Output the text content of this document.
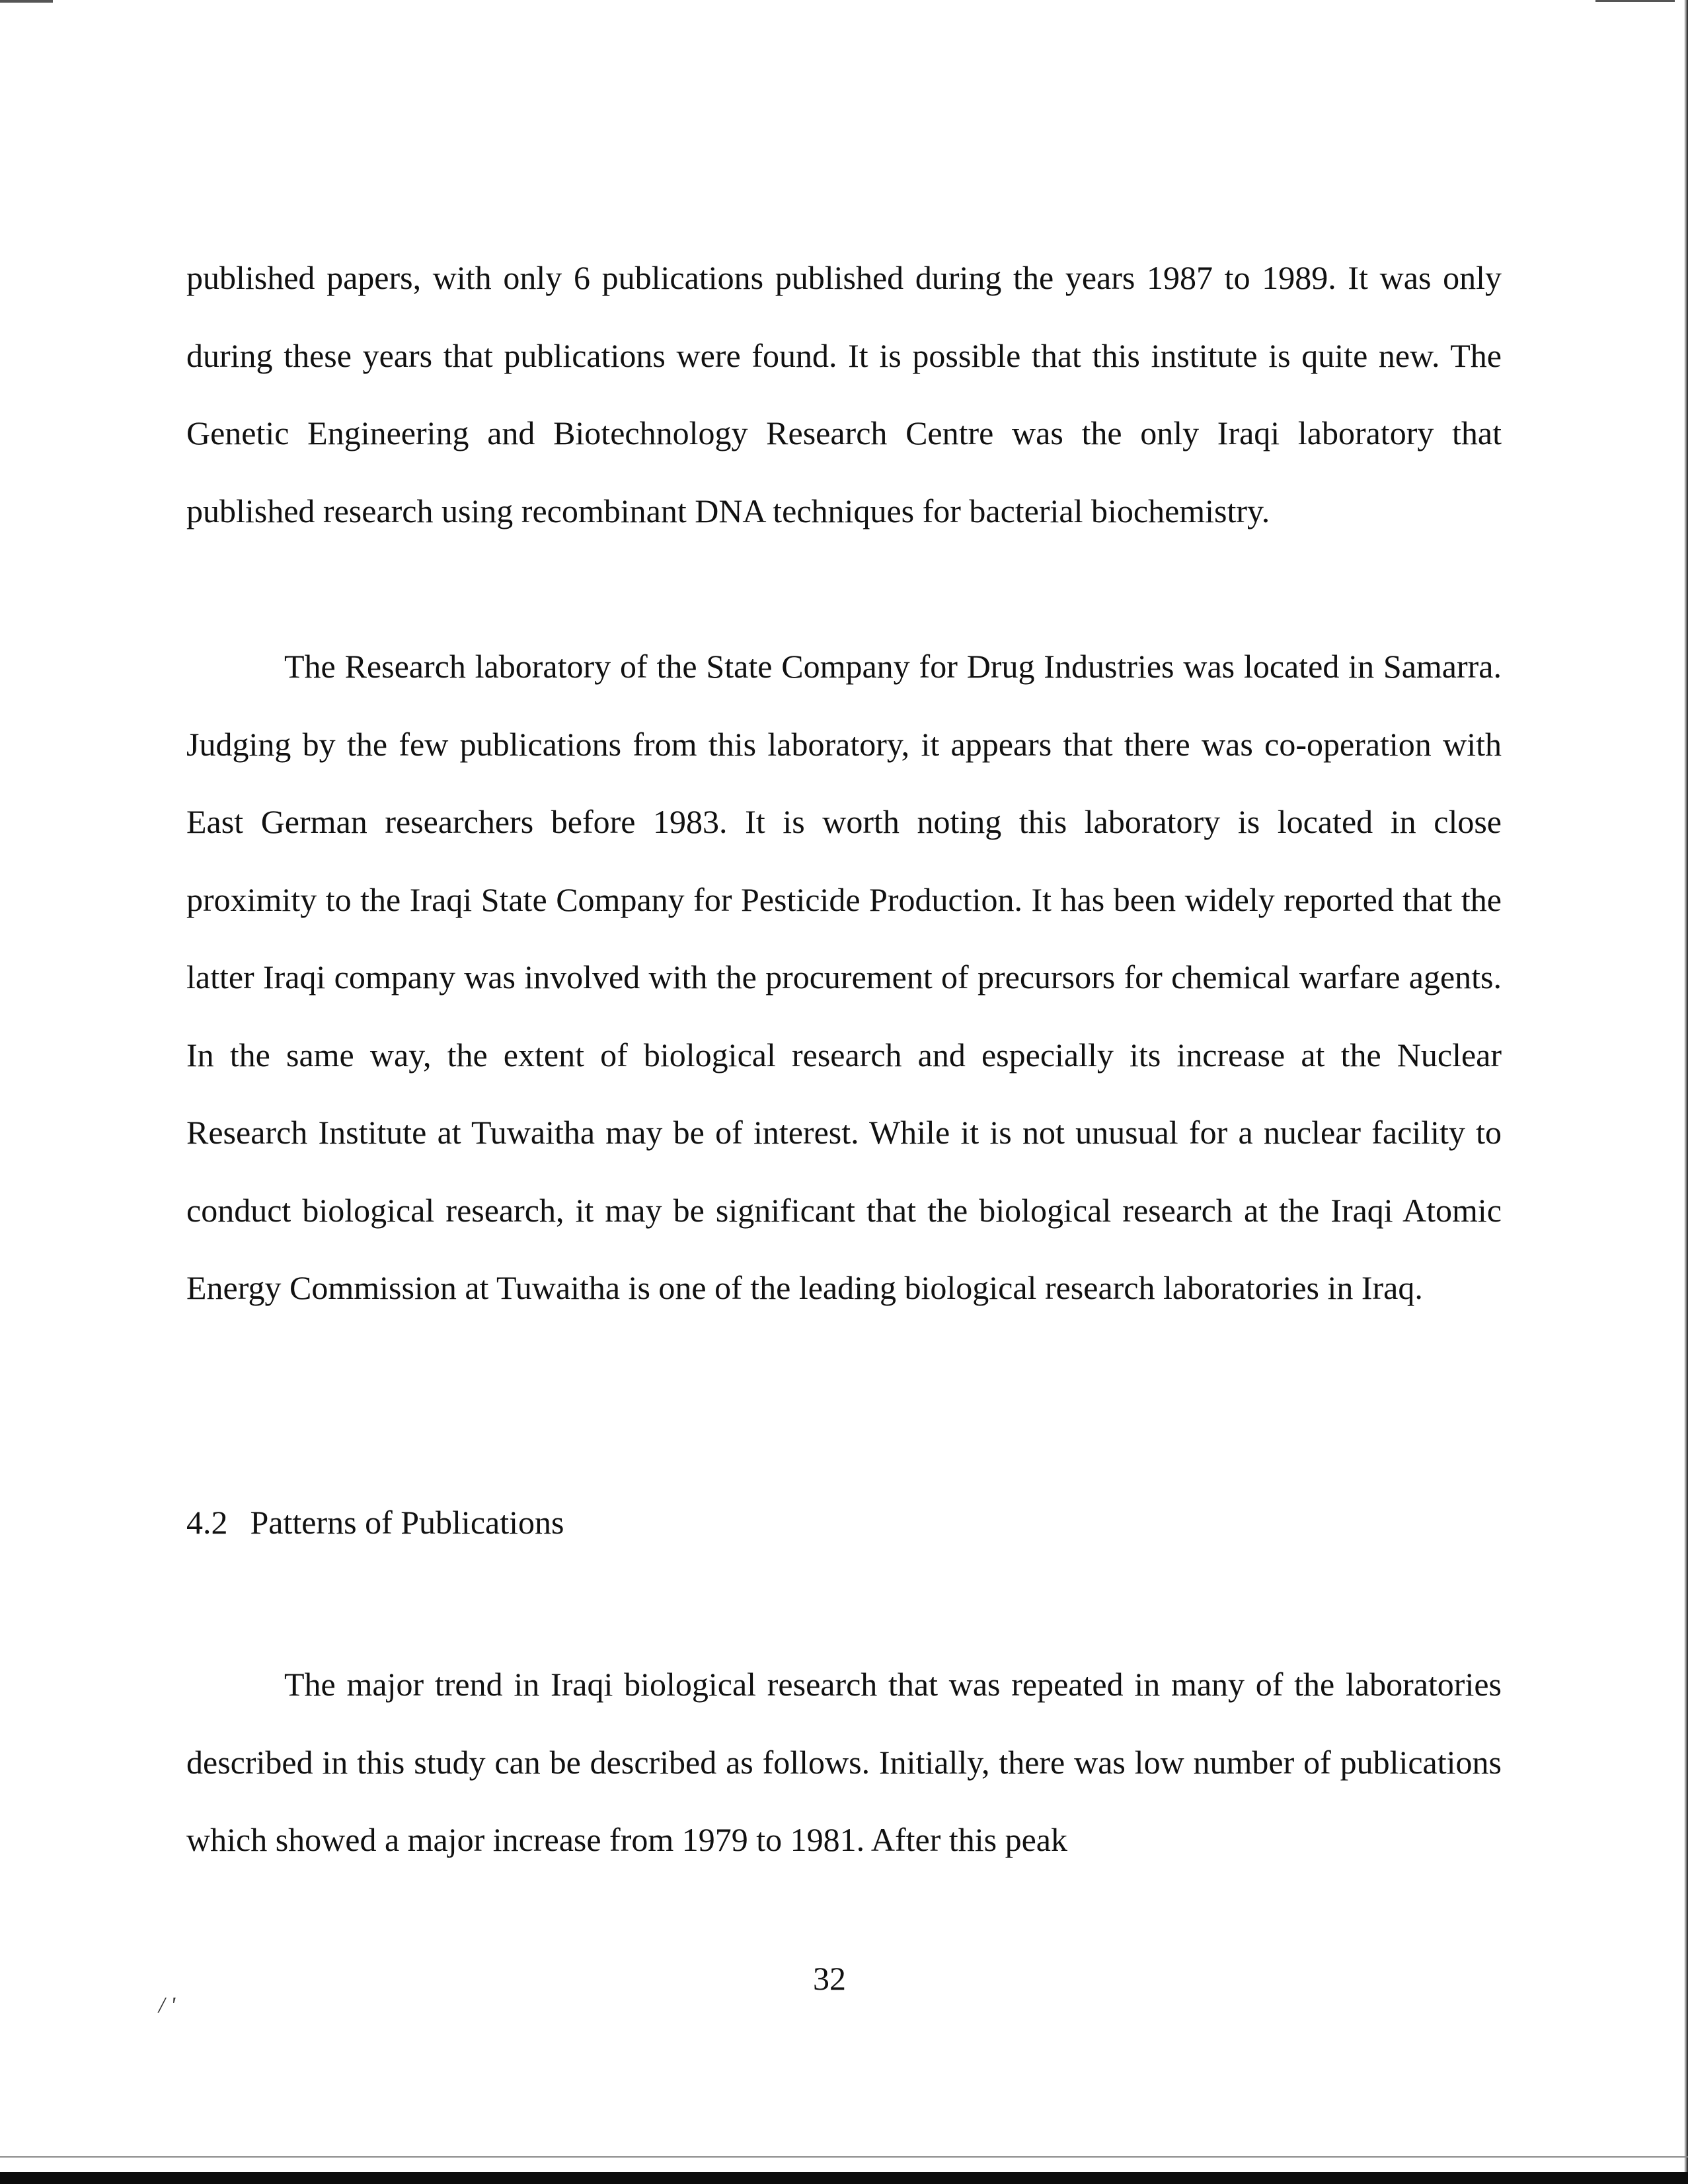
published papers, with only 6 publications published during the years 1987 to 1989. It was only during these years that publications were found. It is possible that this institute is quite new. The Genetic Engineering and Biotechnology Research Centre was the only Iraqi laboratory that published research using recombinant DNA techniques for bacterial biochemistry.

The Research laboratory of the State Company for Drug Industries was located in Samarra. Judging by the few publications from this laboratory, it appears that there was co-operation with East German researchers before 1983. It is worth noting this laboratory is located in close proximity to the Iraqi State Company for Pesticide Production. It has been widely reported that the latter Iraqi company was involved with the procurement of precursors for chemical warfare agents. In the same way, the extent of biological research and especially its increase at the Nuclear Research Institute at Tuwaitha may be of interest. While it is not unusual for a nuclear facility to conduct biological research, it may be significant that the biological research at the Iraqi Atomic Energy Commission at Tuwaitha is one of the leading biological research laboratories in Iraq.

4.2 Patterns of Publications

The major trend in Iraqi biological research that was repeated in many of the laboratories described in this study can be described as follows. Initially, there was low number of publications which showed a major increase from 1979 to 1981. After this peak

32

/ '
